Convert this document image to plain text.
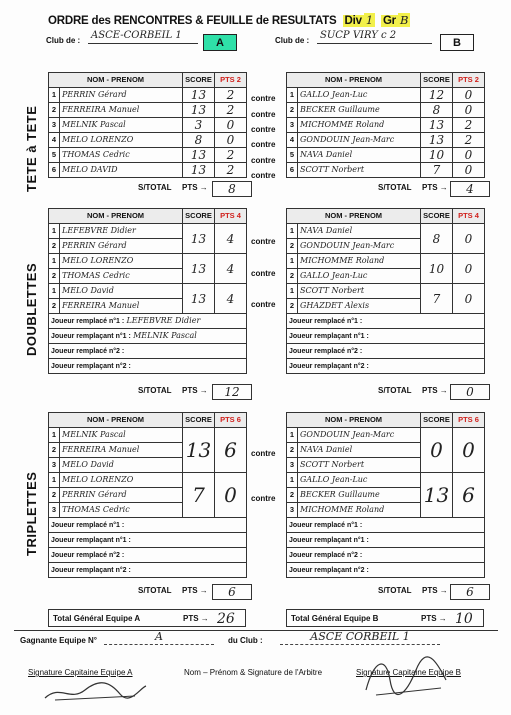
ORDRE des RENCONTRES & FEUILLE de RESULTATS Div 1 Gr B
Club de :	ASCE-CORBEIL 1
A	Club de :	SUCP VIRY c 2
B
TETE à TETE
DOUBLETTES
TRIPLETTES
NOM - PRENOM		SCORE	PTS 2
1	PERRIN Gérard	13	2
2	FERREIRA Manuel	13	2
3	MELNIK Pascal	3	0
4	MELO LORENZO	8	0
5	THOMAS Cedric	13	2
6	MELO DAVID	13	2
contre
contre
contre
contre
contre
contre
NOM - PRENOM		SCORE	PTS 2
1	GALLO Jean-Luc	12	0
2	BECKER Guillaume	8	0
3	MICHOMME Roland	13	2
4	GONDOUIN Jean-Marc	13	2
5	NAVA Daniel	10	0
6	SCOTT Norbert	7	0
S/TOTAL PTS →	8	S/TOTAL PTS →	4
NOM - PRENOM		SCORE	PTS 4
1	LEFEBVRE Didier	13	4
2	PERRIN Gérard		
1	MELO LORENZO	13	4
2	THOMAS Cedric		
1	MELO David	13	4
2	FERREIRA Manuel		
Joueur remplacé n°1 : LEFEBVRE Didier			
Joueur remplaçant n°1 : MELNIK Pascal			
Joueur remplacé n°2 :			
Joueur remplaçant n°2 :			
contre
contre
contre
NOM - PRENOM		SCORE	PTS 4
1	NAVA Daniel	8	0
2	GONDOUIN Jean-Marc		
1	MICHOMME Roland	10	0
2	GALLO Jean-Luc		
1	SCOTT Norbert	7	0
2	GHAZDET Alexis		
Joueur remplacé n°1 :			
Joueur remplaçant n°1 :			
Joueur remplacé n°2 :			
Joueur remplaçant n°2 :			
S/TOTAL PTS →	12	S/TOTAL PTS →	0
NOM - PRENOM		SCORE	PTS 6
1	MELNIK Pascal	13	6
2	FERREIRA Manuel		
3	MELO David		
1	MELO LORENZO	7	0
2	PERRIN Gérard		
3	THOMAS Cedric		
Joueur remplacé n°1 :			
Joueur remplaçant n°1 :			
Joueur remplacé n°2 :			
Joueur remplaçant n°2 :			
contre
contre
NOM - PRENOM		SCORE	PTS 6
1	GONDOUIN Jean-Marc	0	0
2	NAVA Daniel		
3	SCOTT Norbert		
1	GALLO Jean-Luc	13	6
2	BECKER Guillaume		
3	MICHOMME Roland		
Joueur remplacé n°1 :			
Joueur remplaçant n°1 :			
Joueur remplacé n°2 :			
Joueur remplaçant n°2 :			
S/TOTAL PTS →	6	S/TOTAL PTS →	6
Total Général Equipe A	PTS → 26	Total Général Equipe B	PTS → 10
Gagnante Equipe N°	A	du Club :	ASCE CORBEIL 1
Signature Capitaine Equipe A	Nom – Prénom & Signature de l'Arbitre	Signature Capitaine Equipe B
